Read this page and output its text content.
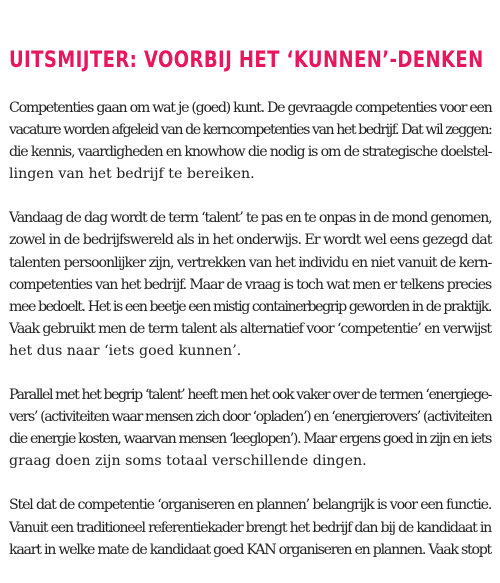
UITSMIJTER: VOORBIJ HET ‘KUNNEN’-DENKEN

Competenties gaan om wat je (goed) kunt. De gevraagde competenties voor een
vacature worden afgeleid van de kerncompetenties van het bedrijf. Dat wil zeggen:
die kennis, vaardigheden en knowhow die nodig is om de strategische doelstel-
lingen van het bedrijf te bereiken.

Vandaag de dag wordt de term ‘talent’ te pas en te onpas in de mond genomen,
zowel in de bedrijfswereld als in het onderwijs. Er wordt wel eens gezegd dat
talenten persoonlijker zijn, vertrekken van het individu en niet vanuit de kern-
competenties van het bedrijf. Maar de vraag is toch wat men er telkens precies
mee bedoelt. Het is een beetje een mistig containerbegrip geworden in de praktijk.
Vaak gebruikt men de term talent als alternatief voor ‘competentie’ en verwijst
het dus naar ‘iets goed kunnen’.

Parallel met het begrip ‘talent’ heeft men het ook vaker over de termen ‘energiege-
vers’ (activiteiten waar mensen zich door ‘opladen’) en ‘energierovers’ (activiteiten
die energie kosten, waarvan mensen ‘leeglopen’). Maar ergens goed in zijn en iets
graag doen zijn soms totaal verschillende dingen.

Stel dat de competentie ‘organiseren en plannen’ belangrijk is voor een functie.
Vanuit een traditioneel referentiekader brengt het bedrijf dan bij de kandidaat in
kaart in welke mate de kandidaat goed KAN organiseren en plannen. Vaak stopt
